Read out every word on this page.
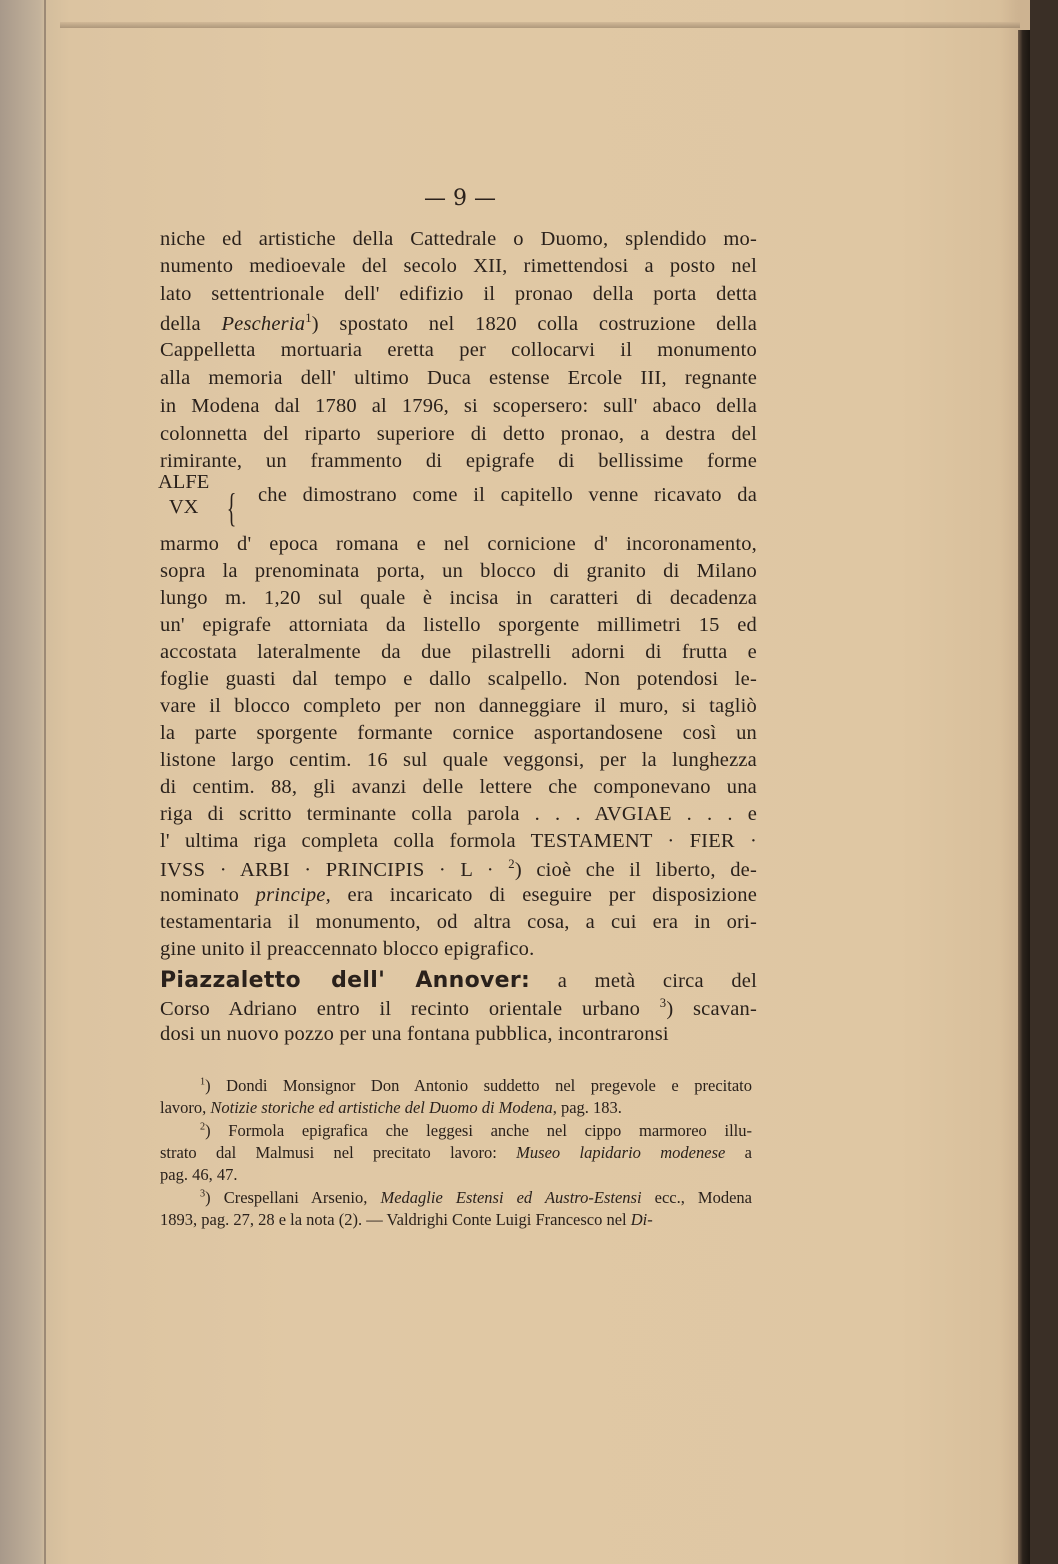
— 9 —
ALFE
VX {
niche ed artistiche della Cattedrale o Duomo, splendido mo-
numento medioevale del secolo XII, rimettendosi a posto nel
lato settentrionale dell' edifizio il pronao della porta detta
della Pescheria$^1$) spostato nel 1820 colla costruzione della
Cappelletta mortuaria eretta per collocarvi il monumento
alla memoria dell' ultimo Duca estense Ercole III, regnante
in Modena dal 1780 al 1796, si scopersero: sull' abaco della
colonnetta del riparto superiore di detto pronao, a destra del
rimirante, un frammento di epigrafe di bellissime forme
che dimostrano come il capitello venne ricavato da
marmo d' epoca romana e nel cornicione d' incoronamento,
sopra la prenominata porta, un blocco di granito di Milano
lungo m. 1,20 sul quale è incisa in caratteri di decadenza
un' epigrafe attorniata da listello sporgente millimetri 15 ed
accostata lateralmente da due pilastrelli adorni di frutta e
foglie guasti dal tempo e dallo scalpello. Non potendosi le-
vare il blocco completo per non danneggiare il muro, si tagliò
la parte sporgente formante cornice asportandosene così un
listone largo centim. 16 sul quale veggonsi, per la lunghezza
di centim. 88, gli avanzi delle lettere che componevano una
riga di scritto terminante colla parola . . . AVGIAE . . . e
l' ultima riga completa colla formola TESTAMENT · FIER ·
IVSS · ARBI · PRINCIPIS · L · $^2$) cioè che il liberto, de-
nominato principe, era incaricato di eseguire per disposizione
testamentaria il monumento, od altra cosa, a cui era in ori-
gine unito il preaccennato blocco epigrafico.
Piazzaletto dell' Annover: a metà circa del
Corso Adriano entro il recinto orientale urbano $^3$) scavan-
dosi un nuovo pozzo per una fontana pubblica, incontraronsi
$^1$) Dondi Monsignor Don Antonio suddetto nel pregevole e precitato
lavoro, Notizie storiche ed artistiche del Duomo di Modena, pag. 183.
$^2$) Formola epigrafica che leggesi anche nel cippo marmoreo illu-
strato dal Malmusi nel precitato lavoro: Museo lapidario modenese a
pag. 46, 47.
$^3$) Crespellani Arsenio, Medaglie Estensi ed Austro-Estensi ecc., Modena
1893, pag. 27, 28 e la nota (2). — Valdrighi Conte Luigi Francesco nel Di-
